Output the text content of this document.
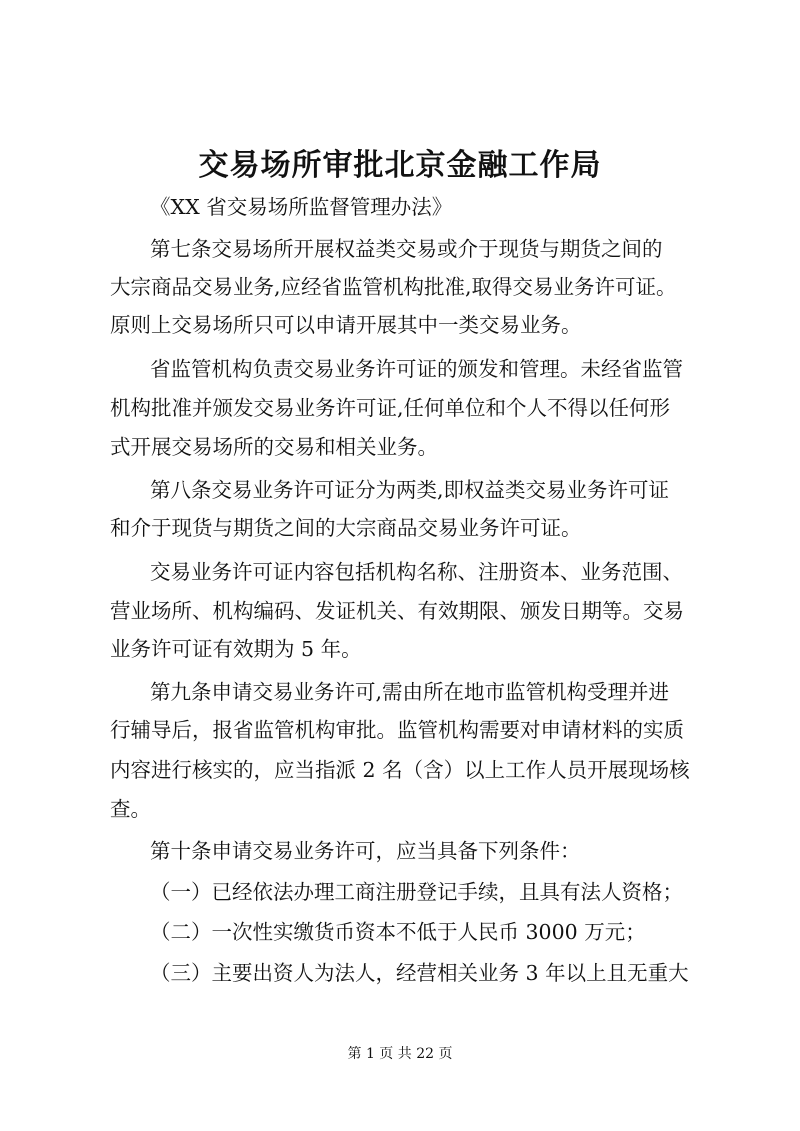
交易场所审批北京金融工作局

《XX 省交易场所监督管理办法》

第七条交易场所开展权益类交易或介于现货与期货之间的

大宗商品交易业务,应经省监管机构批准,取得交易业务许可证。

原则上交易场所只可以申请开展其中一类交易业务。

省监管机构负责交易业务许可证的颁发和管理。未经省监管

机构批准并颁发交易业务许可证,任何单位和个人不得以任何形

式开展交易场所的交易和相关业务。

第八条交易业务许可证分为两类,即权益类交易业务许可证

和介于现货与期货之间的大宗商品交易业务许可证。

交易业务许可证内容包括机构名称、注册资本、业务范围、

营业场所、机构编码、发证机关、有效期限、颁发日期等。交易

业务许可证有效期为 5 年。

第九条申请交易业务许可,需由所在地市监管机构受理并进

行辅导后，报省监管机构审批。监管机构需要对申请材料的实质

内容进行核实的，应当指派 2 名（含）以上工作人员开展现场核

查。

第十条申请交易业务许可，应当具备下列条件：

（一）已经依法办理工商注册登记手续，且具有法人资格；

（二）一次性实缴货币资本不低于人民币 3000 万元；

（三）主要出资人为法人，经营相关业务 3 年以上且无重大

第 1 页 共 22 页
